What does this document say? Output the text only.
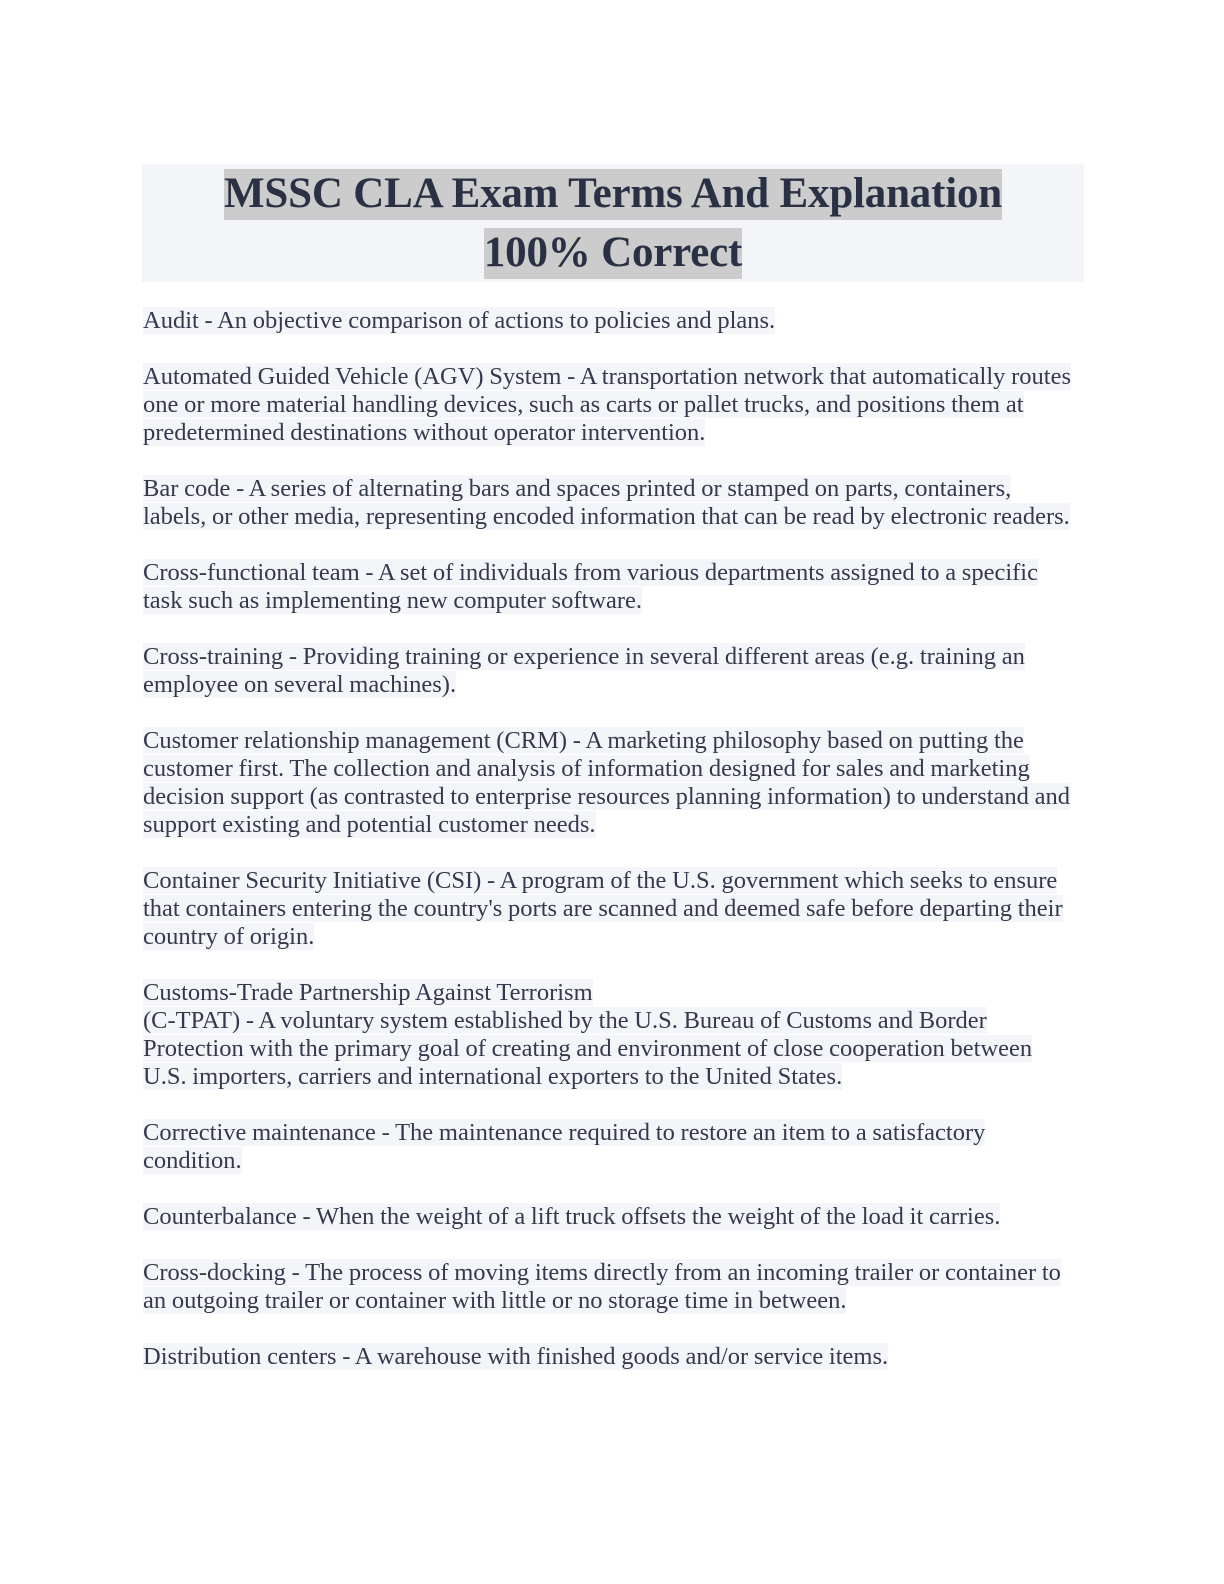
MSSC CLA Exam Terms And Explanation
100% Correct

Audit - An objective comparison of actions to policies and plans.

Automated Guided Vehicle (AGV) System - A transportation network that automatically routes one or more material handling devices, such as carts or pallet trucks, and positions them at predetermined destinations without operator intervention.

Bar code - A series of alternating bars and spaces printed or stamped on parts, containers, labels, or other media, representing encoded information that can be read by electronic readers.

Cross-functional team - A set of individuals from various departments assigned to a specific task such as implementing new computer software.

Cross-training - Providing training or experience in several different areas (e.g. training an employee on several machines).

Customer relationship management (CRM) - A marketing philosophy based on putting the customer first. The collection and analysis of information designed for sales and marketing decision support (as contrasted to enterprise resources planning information) to understand and support existing and potential customer needs.

Container Security Initiative (CSI) - A program of the U.S. government which seeks to ensure that containers entering the country's ports are scanned and deemed safe before departing their country of origin.

Customs-Trade Partnership Against Terrorism
(C-TPAT) - A voluntary system established by the U.S. Bureau of Customs and Border Protection with the primary goal of creating and environment of close cooperation between U.S. importers, carriers and international exporters to the United States.

Corrective maintenance - The maintenance required to restore an item to a satisfactory condition.

Counterbalance - When the weight of a lift truck offsets the weight of the load it carries.

Cross-docking - The process of moving items directly from an incoming trailer or container to an outgoing trailer or container with little or no storage time in between.

Distribution centers - A warehouse with finished goods and/or service items.
